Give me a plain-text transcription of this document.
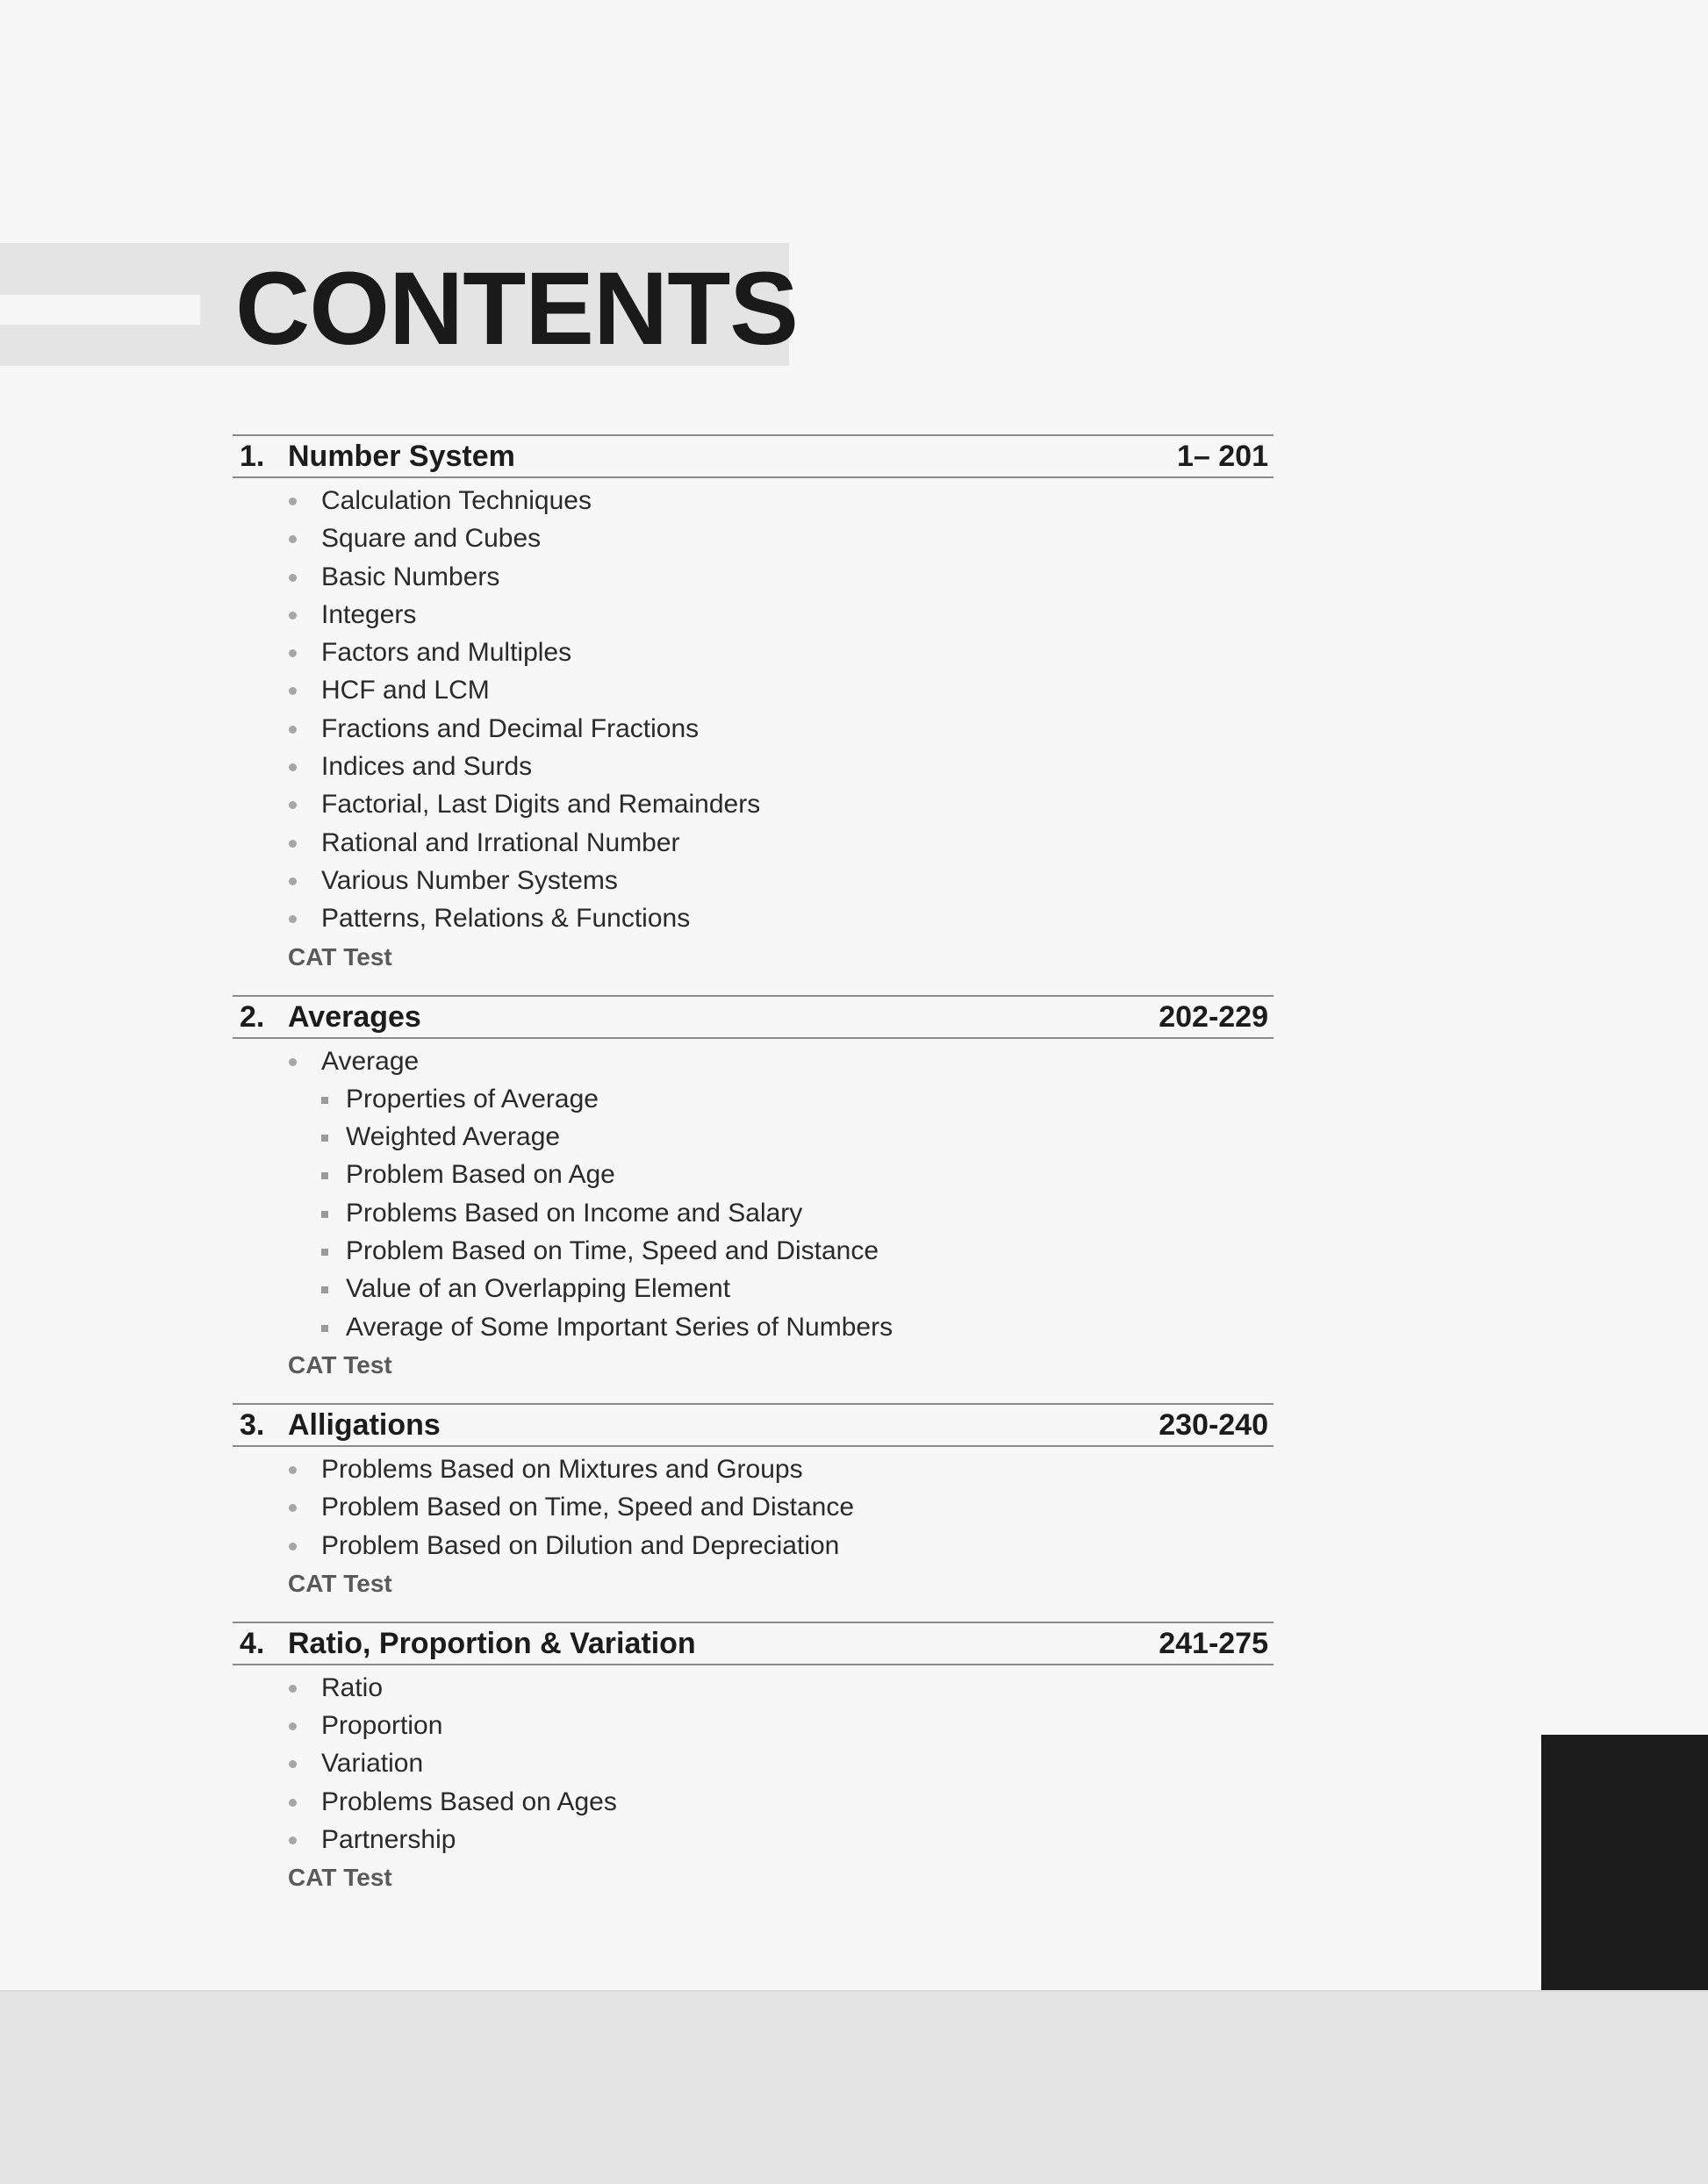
CONTENTS
1. Number System	1– 201
Calculation Techniques
Square and Cubes
Basic Numbers
Integers
Factors and Multiples
HCF and LCM
Fractions and Decimal Fractions
Indices and Surds
Factorial, Last Digits and Remainders
Rational and Irrational Number
Various Number Systems
Patterns, Relations & Functions
CAT Test
2. Averages	202-229
Average
Properties of Average
Weighted Average
Problem Based on Age
Problems Based on Income and Salary
Problem Based on Time, Speed and Distance
Value of an Overlapping Element
Average of Some Important Series of Numbers
CAT Test
3. Alligations	230-240
Problems Based on Mixtures and Groups
Problem Based on Time, Speed and Distance
Problem Based on Dilution and Depreciation
CAT Test
4. Ratio, Proportion & Variation	241-275
Ratio
Proportion
Variation
Problems Based on Ages
Partnership
CAT Test
